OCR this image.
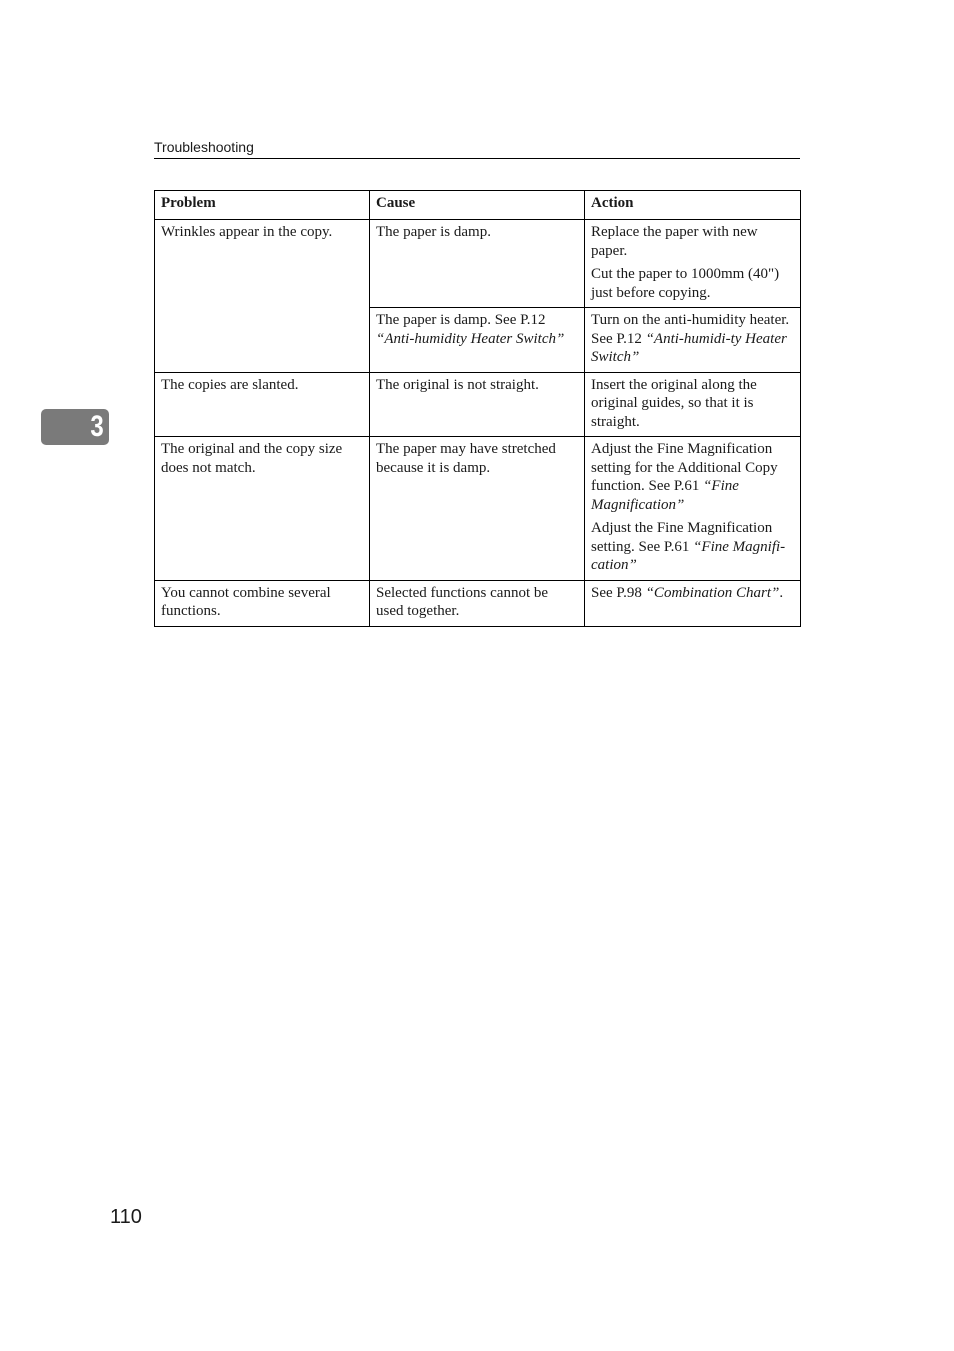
Troubleshooting
3
Problem	Cause	Action
Wrinkles appear in the copy.	The paper is damp.	Replace the paper with new paper.

Cut the paper to 1000mm (40") just before copying.

	The paper is damp. See P.12 “Anti-humidity Heater Switch”	Turn on the anti-humidity heater. See P.12 “Anti-humidi-ty Heater Switch”
The copies are slanted.	The original is not straight.	Insert the original along the original guides, so that it is straight.
The original and the copy size does not match.	The paper may have stretched because it is damp.	Adjust the Fine Magnification setting for the Additional Copy function. See P.61 “Fine Magnification”

Adjust the Fine Magnification setting. See P.61 “Fine Magnifi-cation”

You cannot combine several functions.	Selected functions cannot be used together.	See P.98 “Combination Chart”.
110
